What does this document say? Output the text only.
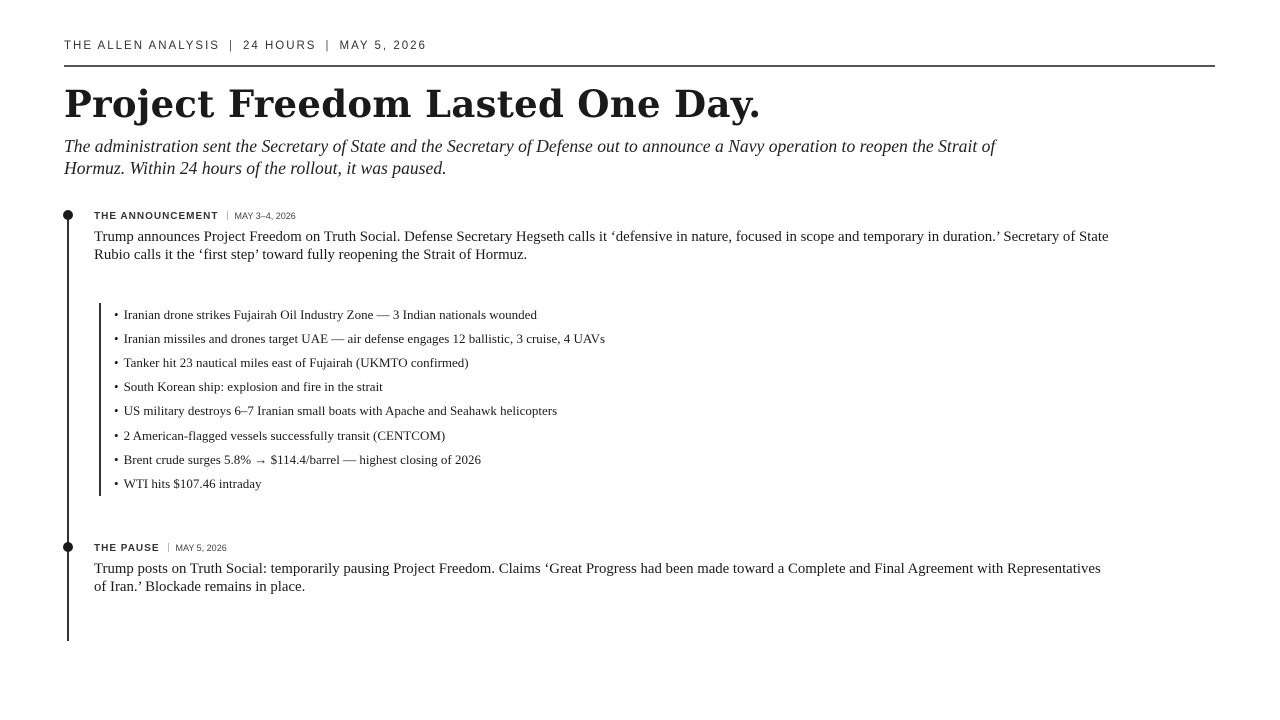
THE ALLEN ANALYSIS | 24 HOURS | MAY 5, 2026
Project Freedom Lasted One Day.

The administration sent the Secretary of State and the Secretary of Defense out to announce a Navy operation to reopen the Strait of Hormuz. Within 24 hours of the rollout, it was paused.

THE ANNOUNCEMENT MAY 3–4, 2026

Trump announces Project Freedom on Truth Social. Defense Secretary Hegseth calls it ‘defensive in nature, focused in scope and temporary in duration.’ Secretary of State Rubio calls it the ‘first step’ toward fully reopening the Strait of Hormuz.

• Iranian drone strikes Fujairah Oil Industry Zone — 3 Indian nationals wounded
• Iranian missiles and drones target UAE — air defense engages 12 ballistic, 3 cruise, 4 UAVs
• Tanker hit 23 nautical miles east of Fujairah (UKMTO confirmed)
• South Korean ship: explosion and fire in the strait
• US military destroys 6–7 Iranian small boats with Apache and Seahawk helicopters
• 2 American-flagged vessels successfully transit (CENTCOM)
• Brent crude surges 5.8% → $114.4/barrel — highest closing of 2026
• WTI hits $107.46 intraday
THE PAUSE MAY 5, 2026

Trump posts on Truth Social: temporarily pausing Project Freedom. Claims ‘Great Progress had been made toward a Complete and Final Agreement with Representatives of Iran.’ Blockade remains in place.
